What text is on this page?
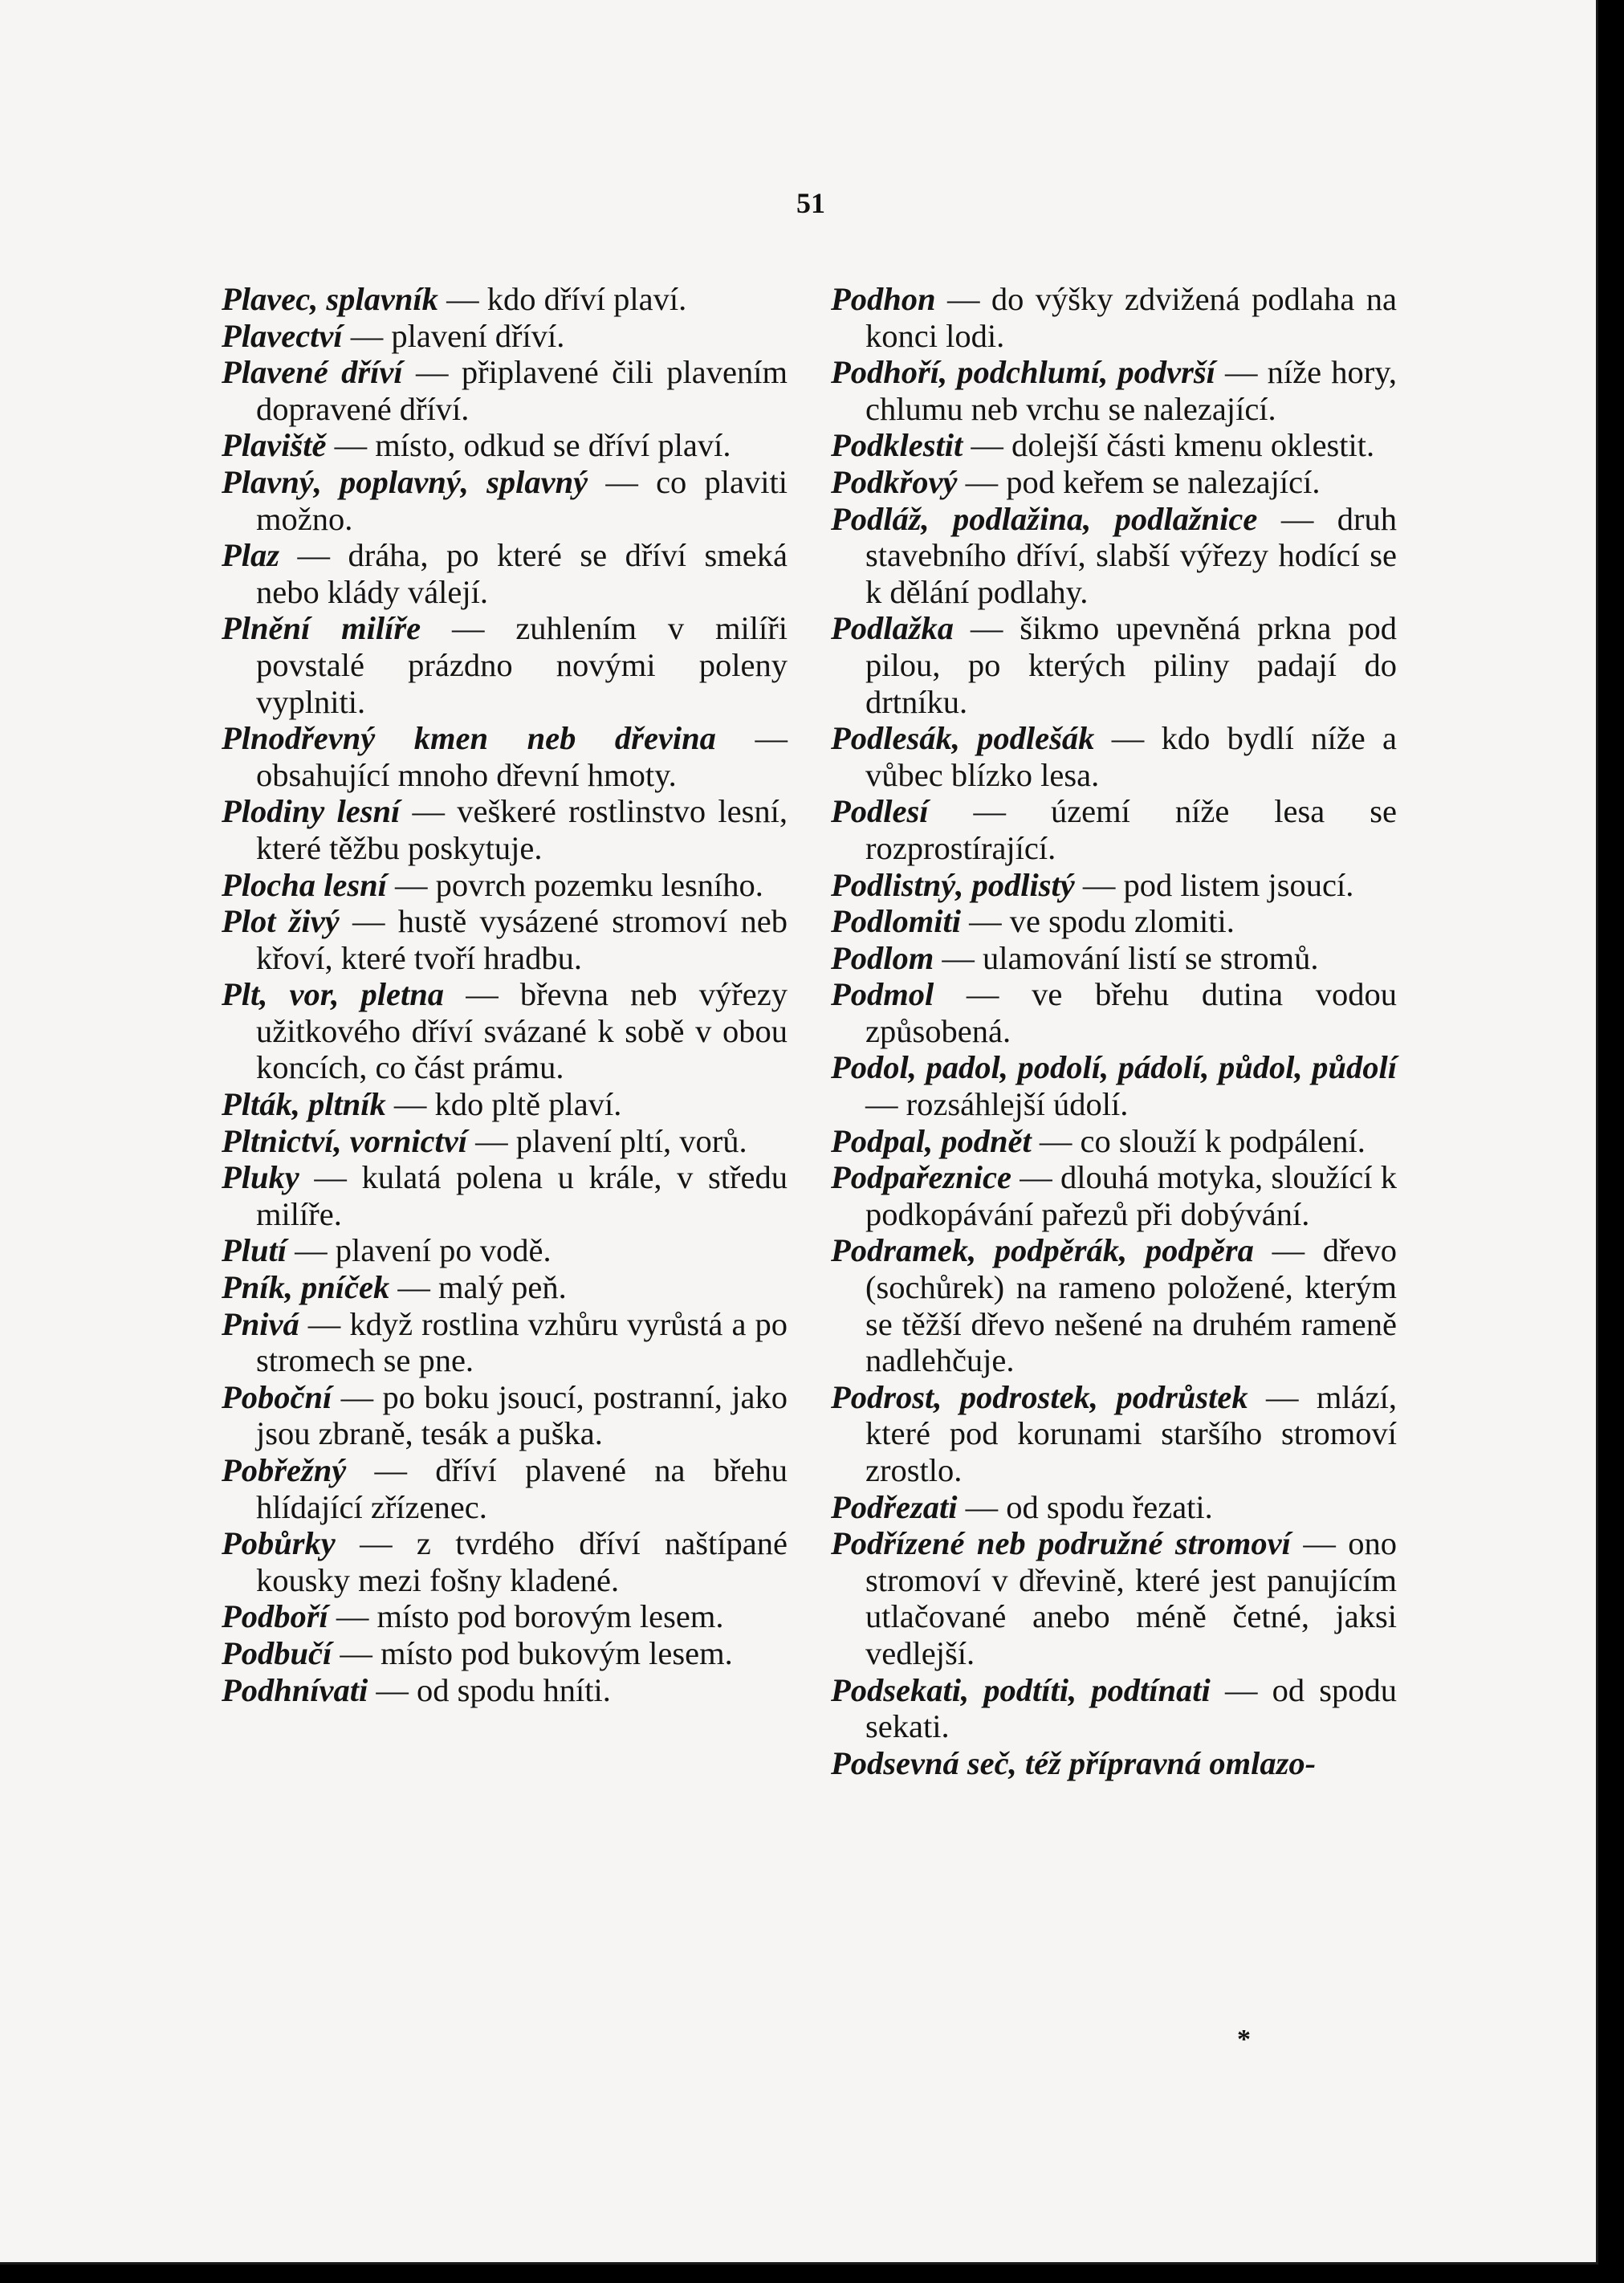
51
Plavec, splavník — kdo dříví plaví.
Plavectví — plavení dříví.
Plavené dříví — připlavené čili plavením dopravené dříví.
Plaviště — místo, odkud se dříví plaví.
Plavný, poplavný, splavný — co plaviti možno.
Plaz — dráha, po které se dříví smeká nebo klády válejí.
Plnění milíře — zuhlením v milíři povstalé prázdno novými poleny vyplniti.
Plnodřevný kmen neb dřevina — obsahující mnoho dřevní hmoty.
Plodiny lesní — veškeré rostlinstvo lesní, které těžbu poskytuje.
Plocha lesní — povrch pozemku lesního.
Plot živý — hustě vysázené stromoví neb křoví, které tvoří hradbu.
Plt, vor, pletna — břevna neb výřezy užitkového dříví svázané k sobě v obou koncích, co část prámu.
Plták, pltník — kdo pltě plaví.
Pltnictví, vornictví — plavení pltí, vorů.
Pluky — kulatá polena u krále, v středu milíře.
Plutí — plavení po vodě.
Pník, pníček — malý peň.
Pnivá — když rostlina vzhůru vyrůstá a po stromech se pne.
Poboční — po boku jsoucí, postranní, jako jsou zbraně, tesák a puška.
Pobřežný — dříví plavené na břehu hlídající zřízenec.
Pobůrky — z tvrdého dříví naštípané kousky mezi fošny kladené.
Podboří — místo pod borovým lesem.
Podbučí — místo pod bukovým lesem.
Podhnívati — od spodu hníti.
Podhon — do výšky zdvižená podlaha na konci lodi.
Podhoří, podchlumí, podvrší — níže hory, chlumu neb vrchu se nalezající.
Podklestit — dolejší části kmenu oklestit.
Podkřový — pod keřem se nalezající.
Podláž, podlažina, podlažnice — druh stavebního dříví, slabší výřezy hodící se k dělání podlahy.
Podlažka — šikmo upevněná prkna pod pilou, po kterých piliny padají do drtníku.
Podlesák, podlešák — kdo bydlí níže a vůbec blízko lesa.
Podlesí — území níže lesa se rozprostírající.
Podlistný, podlistý — pod listem jsoucí.
Podlomiti — ve spodu zlomiti.
Podlom — ulamování listí se stromů.
Podmol — ve břehu dutina vodou způsobená.
Podol, padol, podolí, pádolí, půdol, půdolí — rozsáhlejší údolí.
Podpal, podnět — co slouží k podpálení.
Podpařeznice — dlouhá motyka, sloužící k podkopávání pařezů při dobývání.
Podramek, podpěrák, podpěra — dřevo (sochůrek) na rameno položené, kterým se těžší dřevo nešené na druhém rameně nadlehčuje.
Podrost, podrostek, podrůstek — mlází, které pod korunami staršího stromoví zrostlo.
Podřezati — od spodu řezati.
Podřízené neb podružné stromoví — ono stromoví v dřevině, které jest panujícím utlačované anebo méně četné, jaksi vedlejší.
Podsekati, podtíti, podtínati — od spodu sekati.
Podsevná seč, též přípravná omlazo-
*
